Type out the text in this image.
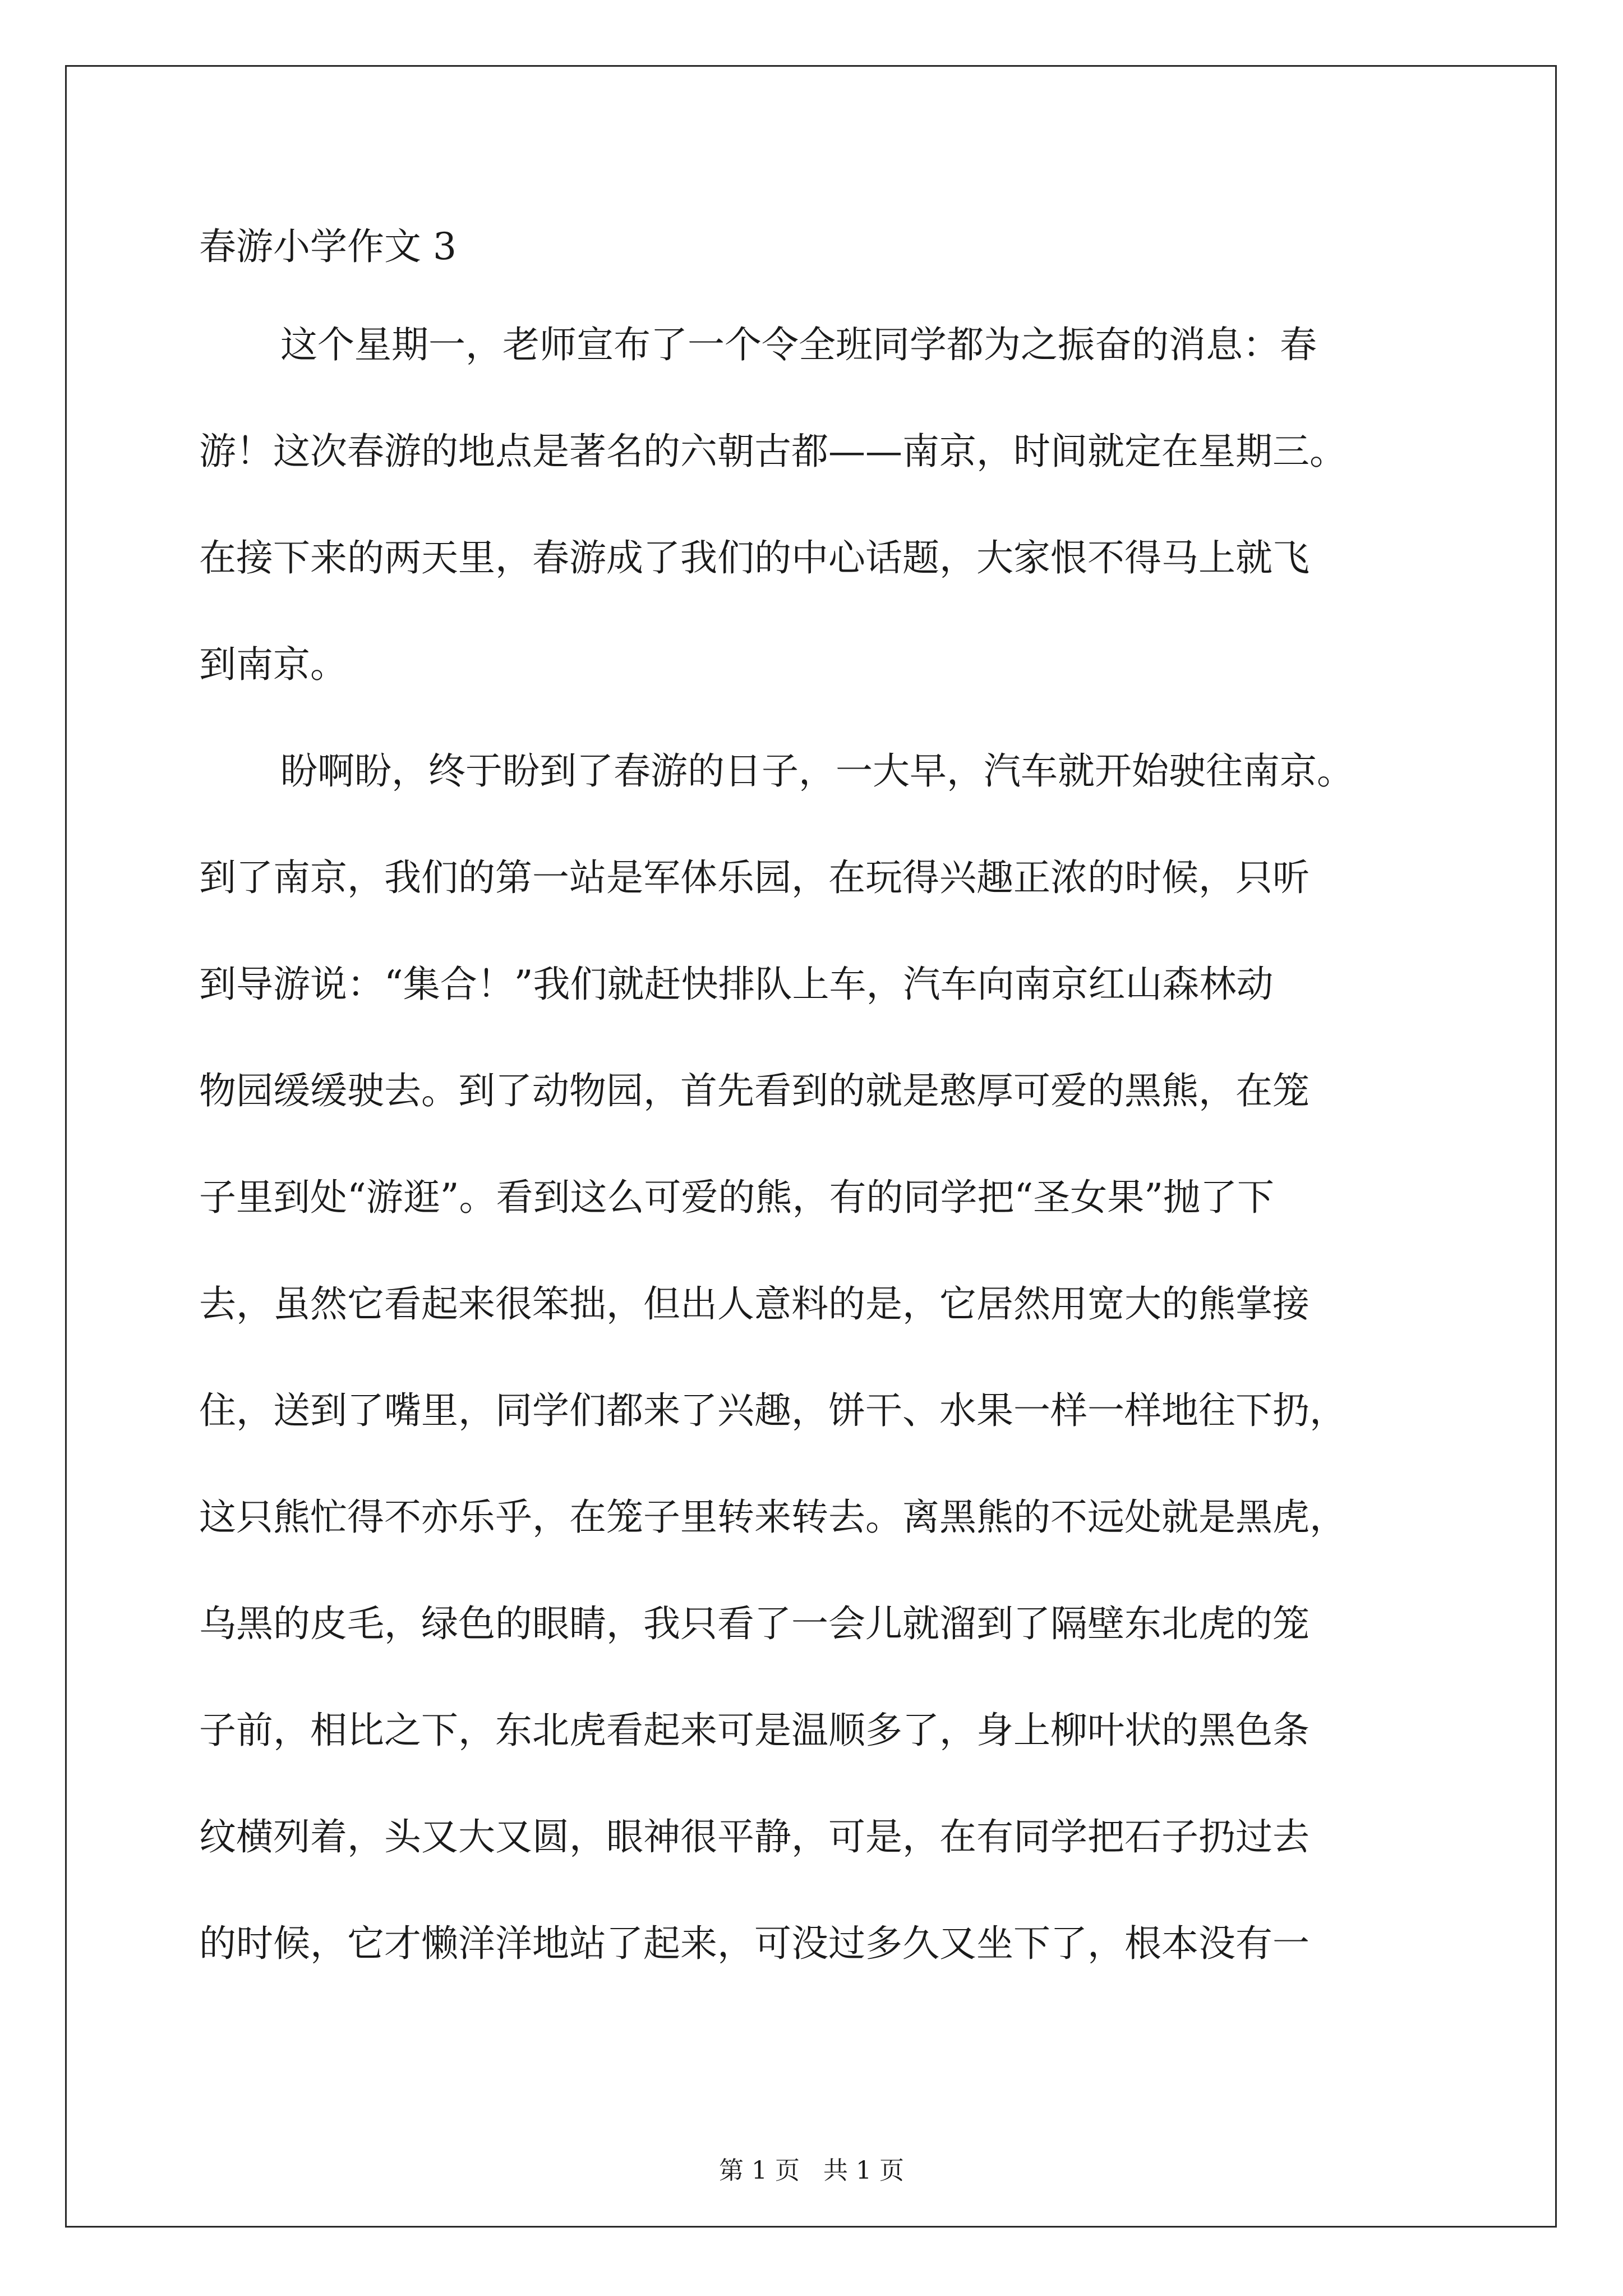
春游小学作文 3

这个星期一，老师宣布了一个令全班同学都为之振奋的消息：春

游！这次春游的地点是著名的六朝古都——南京，时间就定在星期三。

在接下来的两天里，春游成了我们的中心话题，大家恨不得马上就飞

到南京。

盼啊盼，终于盼到了春游的日子，一大早，汽车就开始驶往南京。

到了南京，我们的第一站是军体乐园，在玩得兴趣正浓的时候，只听

到导游说：“集合！”我们就赶快排队上车，汽车向南京红山森林动

物园缓缓驶去。到了动物园，首先看到的就是憨厚可爱的黑熊，在笼

子里到处“游逛”。看到这么可爱的熊，有的同学把“圣女果”抛了下

去，虽然它看起来很笨拙，但出人意料的是，它居然用宽大的熊掌接

住，送到了嘴里，同学们都来了兴趣，饼干、水果一样一样地往下扔，

这只熊忙得不亦乐乎，在笼子里转来转去。离黑熊的不远处就是黑虎，

乌黑的皮毛，绿色的眼睛，我只看了一会儿就溜到了隔壁东北虎的笼

子前，相比之下，东北虎看起来可是温顺多了，身上柳叶状的黑色条

纹横列着，头又大又圆，眼神很平静，可是，在有同学把石子扔过去

的时候，它才懒洋洋地站了起来，可没过多久又坐下了，根本没有一

第 1 页   共 1 页
